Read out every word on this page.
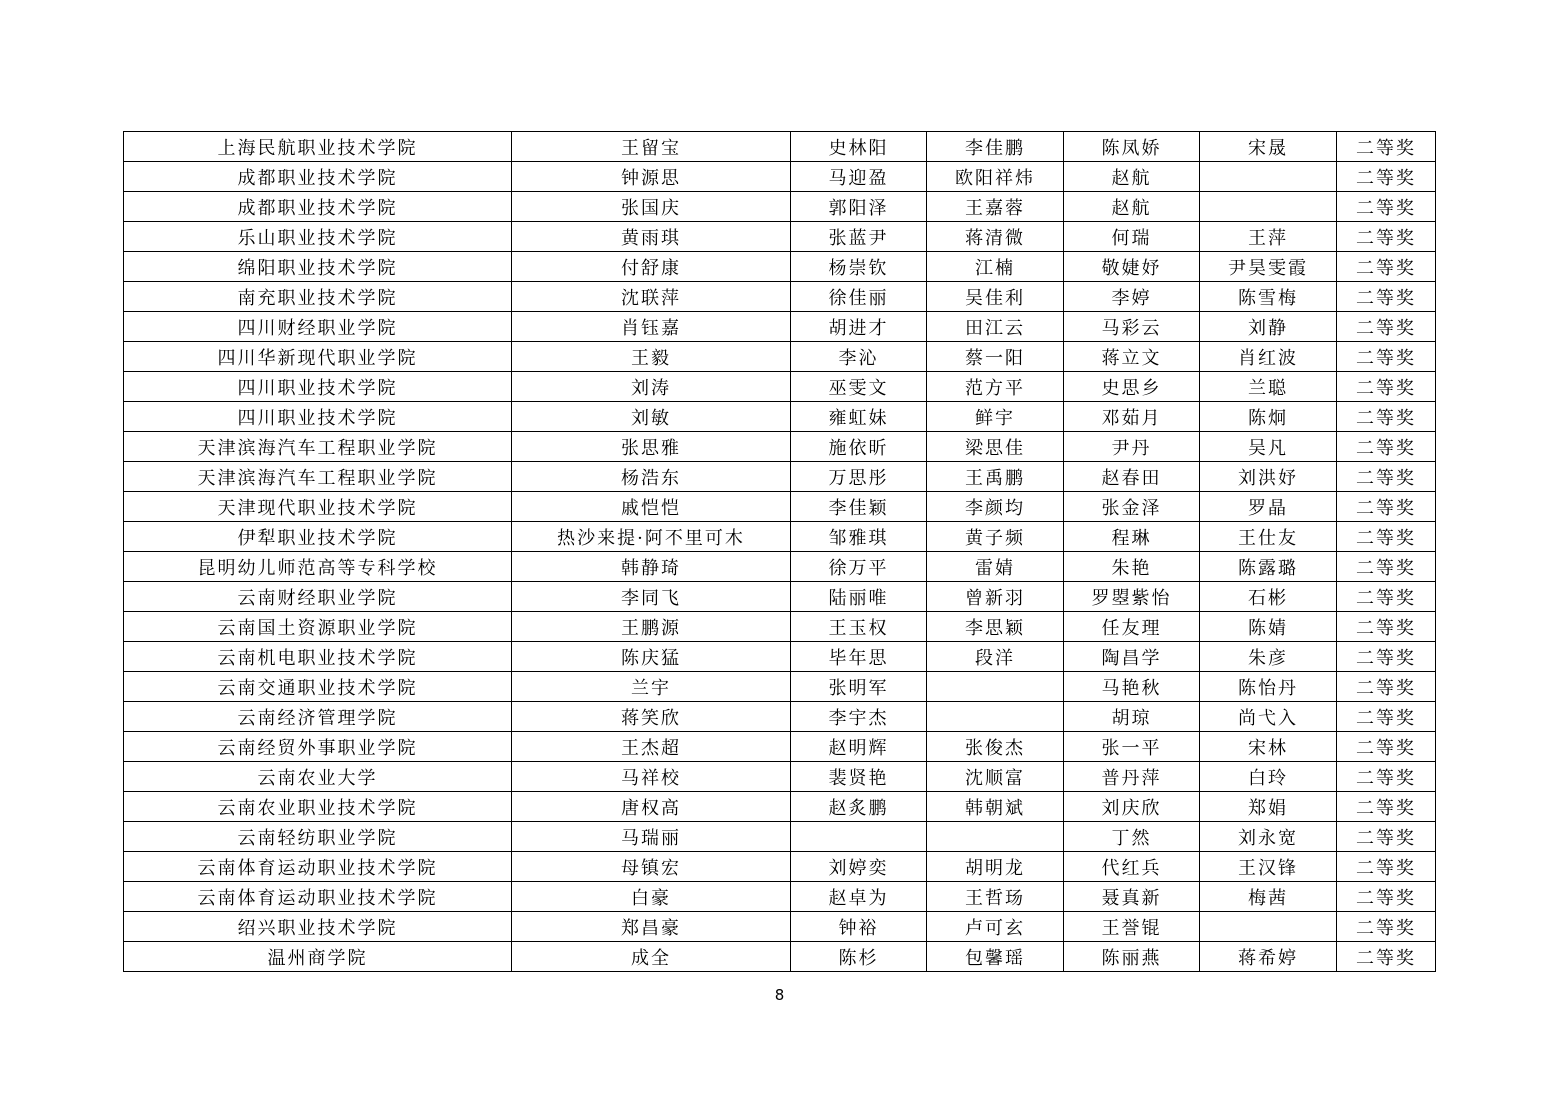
上海民航职业技术学院	王留宝	史林阳	李佳鹏	陈凤娇	宋晟	二等奖
成都职业技术学院	钟源思	马迎盈	欧阳祥炜	赵航		二等奖
成都职业技术学院	张国庆	郭阳泽	王嘉蓉	赵航		二等奖
乐山职业技术学院	黄雨琪	张蓝尹	蒋清微	何瑞	王萍	二等奖
绵阳职业技术学院	付舒康	杨崇钦	江楠	敬婕妤	尹昊雯霞	二等奖
南充职业技术学院	沈联萍	徐佳丽	吴佳利	李婷	陈雪梅	二等奖
四川财经职业学院	肖钰嘉	胡进才	田江云	马彩云	刘静	二等奖
四川华新现代职业学院	王毅	李沁	蔡一阳	蒋立文	肖红波	二等奖
四川职业技术学院	刘涛	巫雯文	范方平	史思乡	兰聪	二等奖
四川职业技术学院	刘敏	雍虹妹	鲜宇	邓茹月	陈炯	二等奖
天津滨海汽车工程职业学院	张思雅	施依昕	梁思佳	尹丹	吴凡	二等奖
天津滨海汽车工程职业学院	杨浩东	万思彤	王禹鹏	赵春田	刘洪妤	二等奖
天津现代职业技术学院	戚恺恺	李佳颖	李颜均	张金泽	罗晶	二等奖
伊犁职业技术学院	热沙来提·阿不里可木	邹雅琪	黄子频	程琳	王仕友	二等奖
昆明幼儿师范高等专科学校	韩静琦	徐万平	雷婧	朱艳	陈露璐	二等奖
云南财经职业学院	李同飞	陆丽唯	曾新羽	罗曌紫怡	石彬	二等奖
云南国土资源职业学院	王鹏源	王玉权	李思颖	任友理	陈婧	二等奖
云南机电职业技术学院	陈庆猛	毕年思	段洋	陶昌学	朱彦	二等奖
云南交通职业技术学院	兰宇	张明军		马艳秋	陈怡丹	二等奖
云南经济管理学院	蒋笑欣	李宇杰		胡琼	尚弋入	二等奖
云南经贸外事职业学院	王杰超	赵明辉	张俊杰	张一平	宋林	二等奖
云南农业大学	马祥校	裴贤艳	沈顺富	普丹萍	白玲	二等奖
云南农业职业技术学院	唐权高	赵炙鹏	韩朝斌	刘庆欣	郑娟	二等奖
云南轻纺职业学院	马瑞丽			丁然	刘永宽	二等奖
云南体育运动职业技术学院	母镇宏	刘婷奕	胡明龙	代红兵	王汉锋	二等奖
云南体育运动职业技术学院	白豪	赵卓为	王哲玚	聂真新	梅茜	二等奖
绍兴职业技术学院	郑昌豪	钟裕	卢可玄	王誉锟		二等奖
温州商学院	成全	陈杉	包馨瑶	陈丽燕	蒋希婷	二等奖
8
